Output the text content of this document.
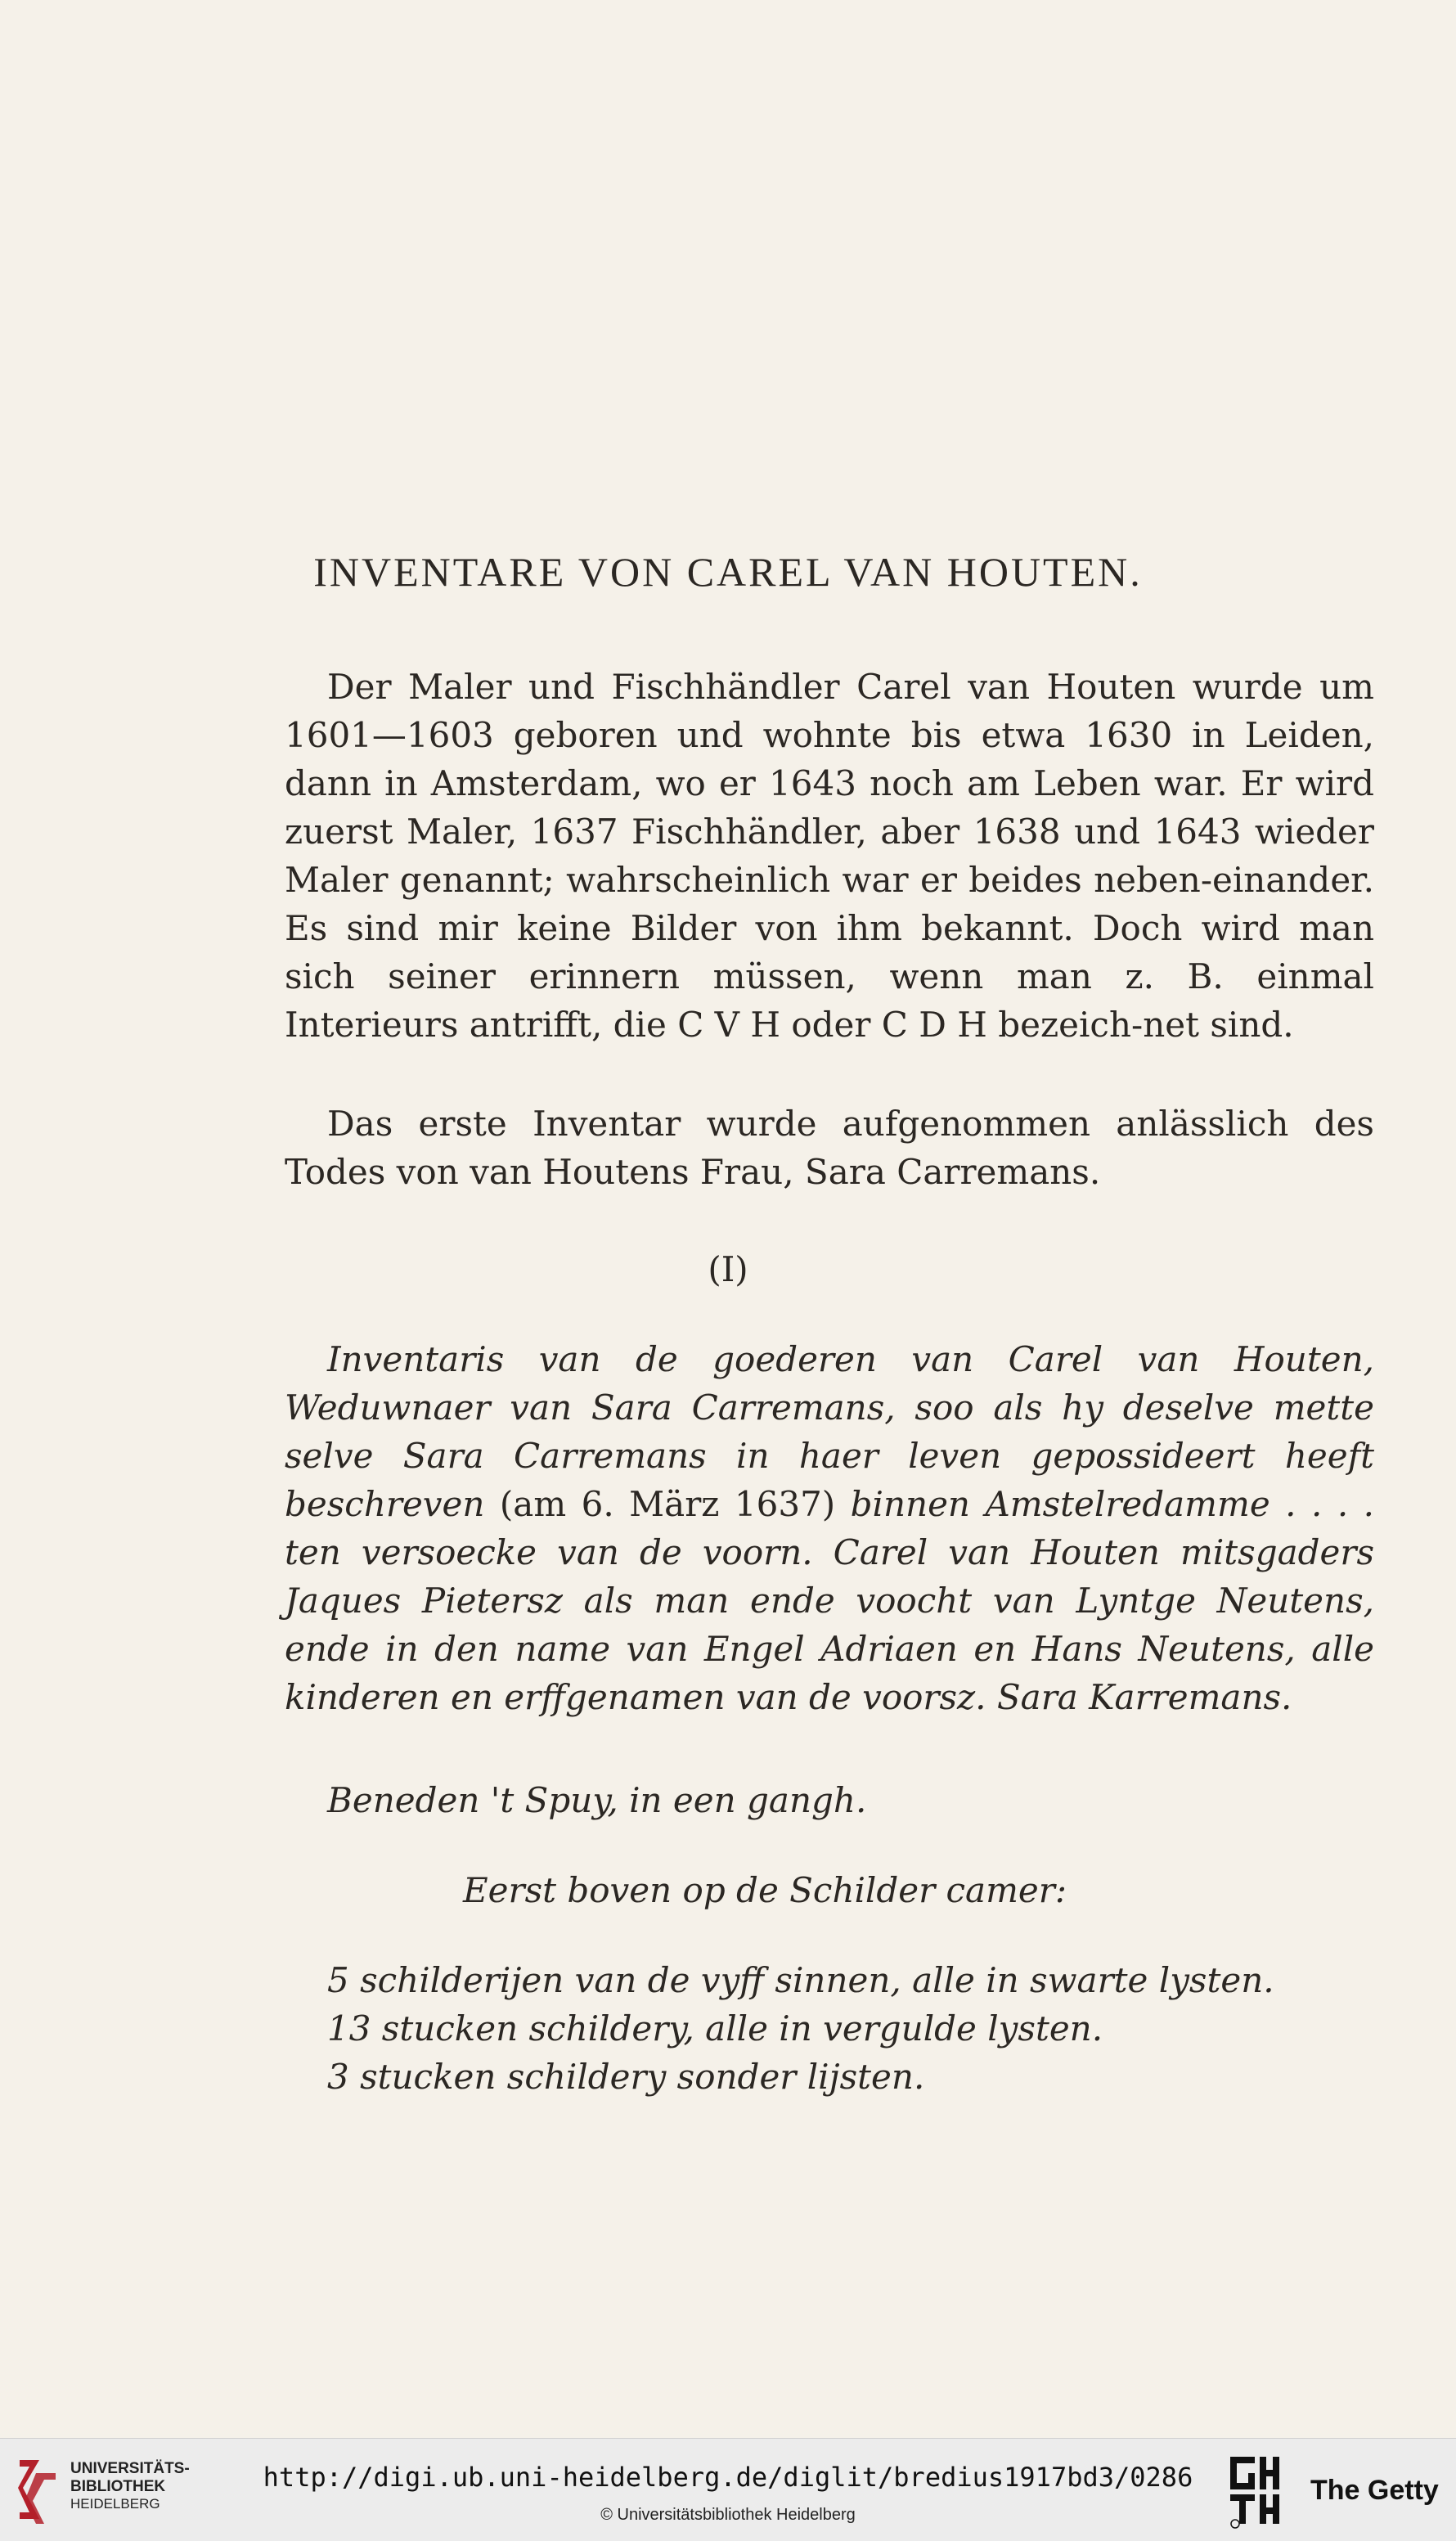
INVENTARE VON CAREL VAN HOUTEN.

Der Maler und Fischhändler Carel van Houten wurde um 1601—1603 geboren und wohnte bis etwa 1630 in Leiden, dann in Amsterdam, wo er 1643 noch am Leben war. Er wird zuerst Maler, 1637 Fischhändler, aber 1638 und 1643 wieder Maler genannt; wahrscheinlich war er beides neben-einander. Es sind mir keine Bilder von ihm bekannt. Doch wird man sich seiner erinnern müssen, wenn man z. B. einmal Interieurs antrifft, die C V H oder C D H bezeich-net sind.

Das erste Inventar wurde aufgenommen anlässlich des Todes von van Houtens Frau, Sara Carremans.

(I)

Inventaris van de goederen van Carel van Houten, Weduwnaer van Sara Carremans, soo als hy deselve mette selve Sara Carremans in haer leven gepossideert heeft beschreven (am 6. März 1637) binnen Amstelredamme . . . . ten versoecke van de voorn. Carel van Houten mitsgaders Jaques Pietersz als man ende voocht van Lyntge Neutens, ende in den name van Engel Adriaen en Hans Neutens, alle kinderen en erffgenamen van de voorsz. Sara Karremans.

Beneden 't Spuy, in een gangh.
Eerst boven op de Schilder camer:
5 schilderijen van de vyff sinnen, alle in swarte lysten.
13 stucken schildery, alle in vergulde lysten.
3 stucken schildery sonder lijsten.
UNIVERSITÄTS-
BIBLIOTHEK
HEIDELBERG
http://digi.ub.uni-heidelberg.de/diglit/bredius1917bd3/0286
© Universitätsbibliothek Heidelberg
The Getty
